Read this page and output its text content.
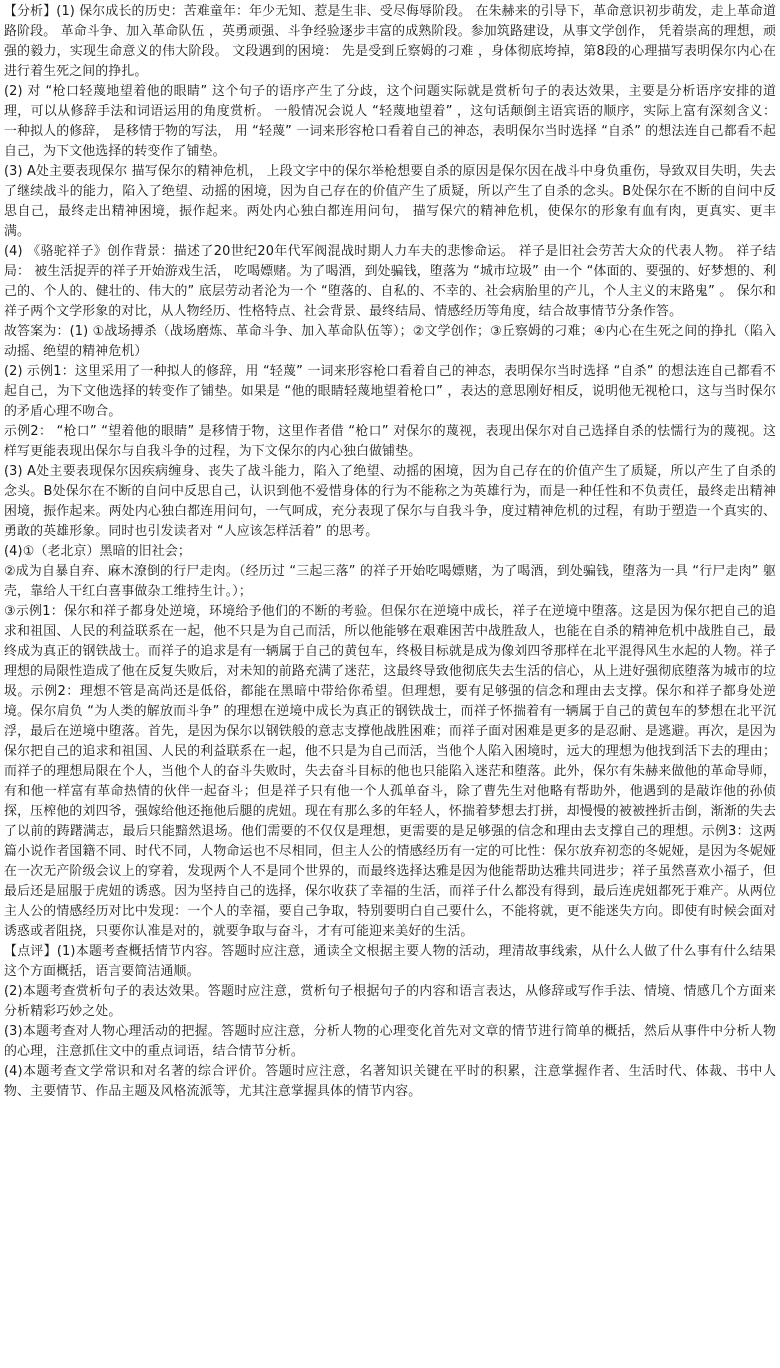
【分析】(1) 保尔成长的历史：苦难童年：年少无知、惹是生非、受尽侮辱阶段。 在朱赫来的引导下，革命意识初步萌发，走上革命道路阶段。 革命斗争、加入革命队伍 ，英勇顽强、斗争经验逐步丰富的成熟阶段。参加筑路建设，从事文学创作， 凭着崇高的理想，顽强的毅力，实现生命意义的伟大阶段。 文段遇到的困境： 先是受到丘察姆的刁难 ，身体彻底垮掉，第8段的心理描写表明保尔内心在进行着生死之间的挣扎。

(2) 对 “枪口轻蔑地望着他的眼睛” 这个句子的语序产生了分歧，这个问题实际就是赏析句子的表达效果，主要是分析语序安排的道理，可以从修辞手法和词语运用的角度赏析。 一般情况会说人 “轻蔑地望着” ，这句话颠倒主语宾语的顺序，实际上富有深刻含义： 一种拟人的修辞， 是移情于物的写法， 用 “轻蔑” 一词来形容枪口看着自己的神态，表明保尔当时选择 “自杀” 的想法连自己都看不起自己，为下文他选择的转变作了铺垫。

(3) A处主要表现保尔 描写保尔的精神危机， 上段文字中的保尔举枪想要自杀的原因是保尔因在战斗中身负重伤，导致双目失明，失去了继续战斗的能力，陷入了绝望、动摇的困境，因为自己存在的价值产生了质疑，所以产生了自杀的念头。B处保尔在不断的自问中反思自己，最终走出精神困境，振作起来。两处内心独白都连用问句， 描写保穴的精神危机，使保尔的形象有血有肉，更真实、更丰满。

(4) 《骆驼祥子》创作背景：描述了20世纪20年代军阀混战时期人力车夫的悲惨命运。 祥子是旧社会劳苦大众的代表人物。 祥子结局： 被生活捉弄的祥子开始游戏生活， 吃喝嫖赌。为了喝酒，到处骗钱，堕落为 “城市垃圾” 由一个 “体面的、要强的、好梦想的、利己的、个人的、健壮的、伟大的” 底层劳动者沦为一个 “堕落的、自私的、不幸的、社会病胎里的产儿，个人主义的末路鬼” 。 保尔和祥子两个文学形象的对比，从人物经历、性格特点、社会背景、最终结局、情感经历等角度，结合故事情节分条作答。

故答案为：(1) ①战场搏杀（战场磨炼、革命斗争、加入革命队伍等）；②文学创作；③丘察姆的刁难；④内心在生死之间的挣扎（陷入动摇、绝望的精神危机）

(2) 示例1：这里采用了一种拟人的修辞，用 “轻蔑” 一词来形容枪口看着自己的神态，表明保尔当时选择 “自杀” 的想法连自己都看不起自己，为下文他选择的转变作了铺垫。如果是 “他的眼睛轻蔑地望着枪口” ，表达的意思刚好相反，说明他无视枪口，这与当时保尔的矛盾心理不吻合。

示例2： “枪口” “望着他的眼睛” 是移情于物，这里作者借 “枪口” 对保尔的蔑视，表现出保尔对自己选择自杀的怯懦行为的蔑视。这样写更能表现出保尔与自我斗争的过程，为下文保尔的内心独白做铺垫。

(3) A处主要表现保尔因疾病缠身、丧失了战斗能力，陷入了绝望、动摇的困境，因为自己存在的价值产生了质疑，所以产生了自杀的念头。B处保尔在不断的自问中反思自己，认识到他不爱惜身体的行为不能称之为英雄行为，而是一种任性和不负责任，最终走出精神困境，振作起来。两处内心独白都连用问句，一气呵成，充分表现了保尔与自我斗争，度过精神危机的过程，有助于塑造一个真实的、勇敢的英雄形象。同时也引发读者对 “人应该怎样活着” 的思考。

(4)①（老北京）黑暗的旧社会；

②成为自暴自弃、麻木潦倒的行尸走肉。（经历过 “三起三落” 的祥子开始吃喝嫖赌，为了喝酒，到处骗钱，堕落为一具 “行尸走肉” 躯壳，靠给人干红白喜事做杂工维持生计。）；

③示例1：保尔和祥子都身处逆境，环境给予他们的不断的考验。但保尔在逆境中成长，祥子在逆境中堕落。这是因为保尔把自己的追求和祖国、人民的利益联系在一起，他不只是为自己而活，所以他能够在艰难困苦中战胜敌人，也能在自杀的精神危机中战胜自己，最终成为真正的钢铁战士。而祥子的追求是有一辆属于自己的黄包车，终极目标就是成为像刘四爷那样在北平混得风生水起的人物。祥子理想的局限性造成了他在反复失败后，对未知的前路充满了迷茫，这最终导致他彻底失去生活的信心，从上进好强彻底堕落为城市的垃圾。示例2：理想不管是高尚还是低俗，都能在黑暗中带给你希望。但理想，要有足够强的信念和理由去支撑。保尔和祥子都身处逆境。保尔肩负 “为人类的解放而斗争” 的理想在逆境中成长为真正的钢铁战士，而祥子怀揣着有一辆属于自己的黄包车的梦想在北平沉浮，最后在逆境中堕落。首先，是因为保尔以钢铁般的意志支撑他战胜困难；而祥子面对困难是更多的是忍耐、是逃避。再次，是因为保尔把自己的追求和祖国、人民的利益联系在一起，他不只是为自己而活，当他个人陷入困境时，远大的理想为他找到活下去的理由；而祥子的理想局限在个人，当他个人的奋斗失败时，失去奋斗目标的他也只能陷入迷茫和堕落。此外，保尔有朱赫来做他的革命导师，有和他一样富有革命热情的伙伴一起奋斗；但是祥子只有他一个人孤单奋斗，除了曹先生对他略有帮助外，他遇到的是敲诈他的孙侦探，压榨他的刘四爷，强嫁给他还拖他后腿的虎妞。现在有那么多的年轻人，怀揣着梦想去打拼，却慢慢的被被挫折击倒，渐渐的失去了以前的踌躇满志，最后只能黯然退场。他们需要的不仅仅是理想，更需要的是足够强的信念和理由去支撑自己的理想。示例3：这两篇小说作者国籍不同、时代不同，人物命运也不尽相同，但主人公的情感经历有一定的可比性：保尔放弃初恋的冬妮娅，是因为冬妮娅在一次无产阶级会议上的穿着，发现两个人不是同个世界的，而最终选择达雅是因为他能帮助达雅共同进步；祥子虽然喜欢小福子，但最后还是屈服于虎妞的诱惑。因为坚持自己的选择，保尔收获了幸福的生活，而祥子什么都没有得到，最后连虎妞都死于难产。从两位主人公的情感经历对比中发现：一个人的幸福，要自己争取，特别要明白自己要什么，不能将就，更不能迷失方向。即使有时候会面对诱惑或者阻挠，只要你认准是对的，就要争取与奋斗，才有可能迎来美好的生活。

【点评】(1)本题考查概括情节内容。答题时应注意，通读全文根据主要人物的活动，理清故事线索，从什么人做了什么事有什么结果这个方面概括，语言要简洁通顺。

(2)本题考查赏析句子的表达效果。答题时应注意，赏析句子根据句子的内容和语言表达，从修辞或写作手法、情境、情感几个方面来分析精彩巧妙之处。

(3)本题考查对人物心理活动的把握。答题时应注意，分析人物的心理变化首先对文章的情节进行简单的概括，然后从事件中分析人物的心理，注意抓住文中的重点词语，结合情节分析。

(4)本题考查文学常识和对名著的综合评价。答题时应注意，名著知识关键在平时的积累，注意掌握作者、生活时代、体裁、书中人物、主要情节、作品主题及风格流派等，尤其注意掌握具体的情节内容。
